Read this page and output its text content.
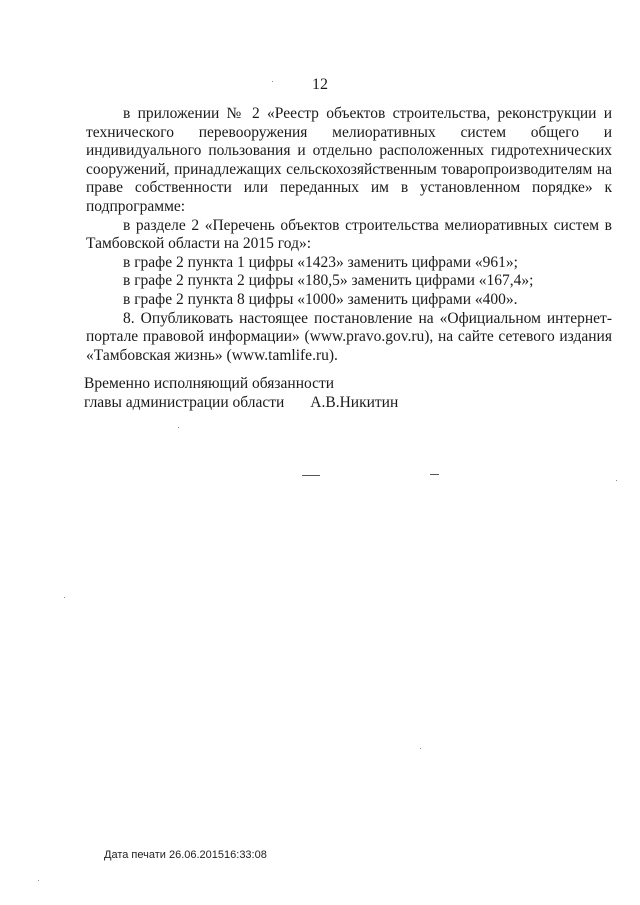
12

в приложении № 2 «Реестр объектов строительства, реконструкции и технического перевооружения мелиоративных систем общего и индивидуального пользования и отдельно расположенных гидротехнических сооружений, принадлежащих сельскохозяйственным товаропроизводителям на праве собственности или переданных им в установленном порядке» к подпрограмме:

в разделе 2 «Перечень объектов строительства мелиоративных систем в Тамбовской области на 2015 год»:

в графе 2 пункта 1 цифры «1423» заменить цифрами «961»;

в графе 2 пункта 2 цифры «180,5» заменить цифрами «167,4»;

в графе 2 пункта 8 цифры «1000» заменить цифрами «400».

8. Опубликовать настоящее постановление на «Официальном интернет-портале правовой информации» (www.pravo.gov.ru), на сайте сетевого издания «Тамбовская жизнь» (www.tamlife.ru).

Временно исполняющий обязанности
главы администрации области А.В.Никитин
Дата печати 26.06.201516:33:08
